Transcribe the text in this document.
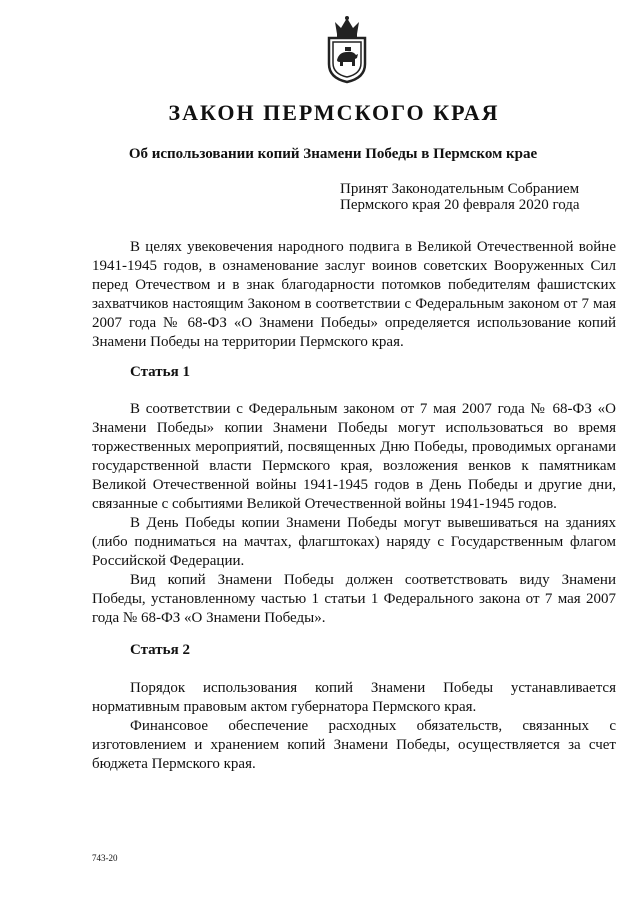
ЗАКОН ПЕРМСКОГО КРАЯ
Об использовании копий Знамени Победы в Пермском крае
Принят Законодательным Собранием
Пермского края 20 февраля 2020 года

В целях увековечения народного подвига в Великой Отечественной войне 1941-1945 годов, в ознаменование заслуг воинов советских Вооруженных Сил перед Отечеством и в знак благодарности потомков победителям фашистских захватчиков настоящим Законом в соответствии с Федеральным законом от 7 мая 2007 года № 68-ФЗ «О Знамени Победы» определяется использование копий Знамени Победы на территории Пермского края.

Статья 1

В соответствии с Федеральным законом от 7 мая 2007 года № 68-ФЗ «О Знамени Победы» копии Знамени Победы могут использоваться во время торжественных мероприятий, посвященных Дню Победы, проводимых органами государственной власти Пермского края, возложения венков к памятникам Великой Отечественной войны 1941-1945 годов в День Победы и другие дни, связанные с событиями Великой Отечественной войны 1941-1945 годов.

В День Победы копии Знамени Победы могут вывешиваться на зданиях (либо подниматься на мачтах, флагштоках) наряду с Государственным флагом Российской Федерации.

Вид копий Знамени Победы должен соответствовать виду Знамени Победы, установленному частью 1 статьи 1 Федерального закона от 7 мая 2007 года № 68-ФЗ «О Знамени Победы».

Статья 2

Порядок использования копий Знамени Победы устанавливается нормативным правовым актом губернатора Пермского края.

Финансовое обеспечение расходных обязательств, связанных с изготовлением и хранением копий Знамени Победы, осуществляется за счет бюджета Пермского края.

743-20
